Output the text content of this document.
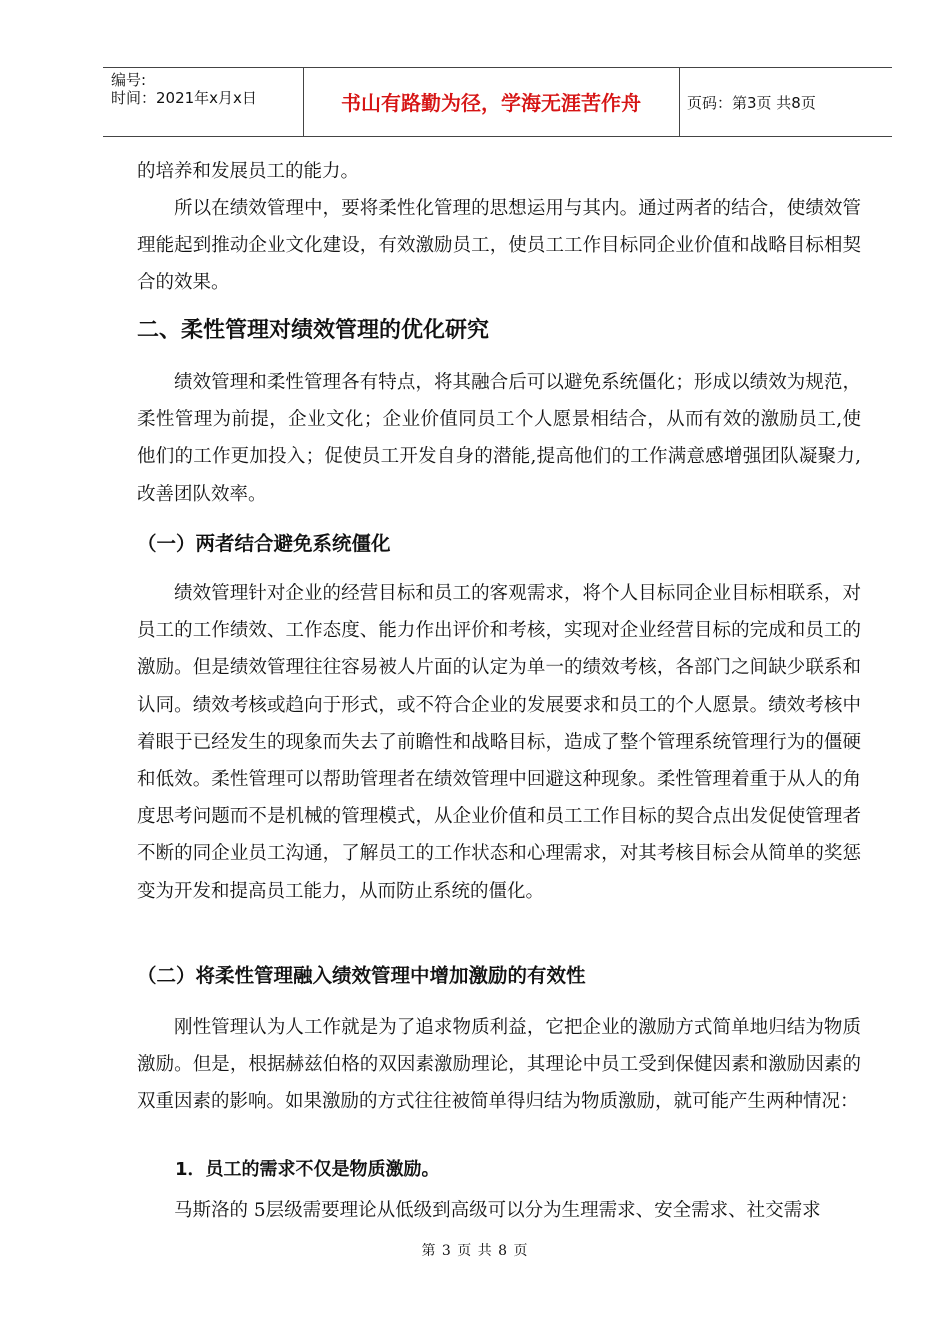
编号:
时间：2021年x月x日	书山有路勤为径，学海无涯苦作舟	页码：第3页 共8页
的培养和发展员工的能力。
所以在绩效管理中，要将柔性化管理的思想运用与其内。通过两者的结合，使绩效管理能起到推动企业文化建设，有效激励员工，使员工工作目标同企业价值和战略目标相契合的效果。
二、柔性管理对绩效管理的优化研究
绩效管理和柔性管理各有特点，将其融合后可以避免系统僵化；形成以绩效为规范，柔性管理为前提，企业文化；企业价值同员工个人愿景相结合，从而有效的激励员工,使他们的工作更加投入；促使员工开发自身的潜能,提高他们的工作满意感增强团队凝聚力,改善团队效率。
（一）两者结合避免系统僵化
绩效管理针对企业的经营目标和员工的客观需求，将个人目标同企业目标相联系，对员工的工作绩效、工作态度、能力作出评价和考核，实现对企业经营目标的完成和员工的激励。但是绩效管理往往容易被人片面的认定为单一的绩效考核，各部门之间缺少联系和认同。绩效考核或趋向于形式，或不符合企业的发展要求和员工的个人愿景。绩效考核中着眼于已经发生的现象而失去了前瞻性和战略目标，造成了整个管理系统管理行为的僵硬和低效。柔性管理可以帮助管理者在绩效管理中回避这种现象。柔性管理着重于从人的角度思考问题而不是机械的管理模式，从企业价值和员工工作目标的契合点出发促使管理者不断的同企业员工沟通，了解员工的工作状态和心理需求，对其考核目标会从简单的奖惩变为开发和提高员工能力，从而防止系统的僵化。
（二）将柔性管理融入绩效管理中增加激励的有效性
刚性管理认为人工作就是为了追求物质利益，它把企业的激励方式简单地归结为物质激励。但是，根据赫兹伯格的双因素激励理论，其理论中员工受到保健因素和激励因素的双重因素的影响。如果激励的方式往往被简单得归结为物质激励，就可能产生两种情况：
1．员工的需求不仅是物质激励。
马斯洛的 5层级需要理论从低级到高级可以分为生理需求、安全需求、社交需求
第 3 页 共 8 页
